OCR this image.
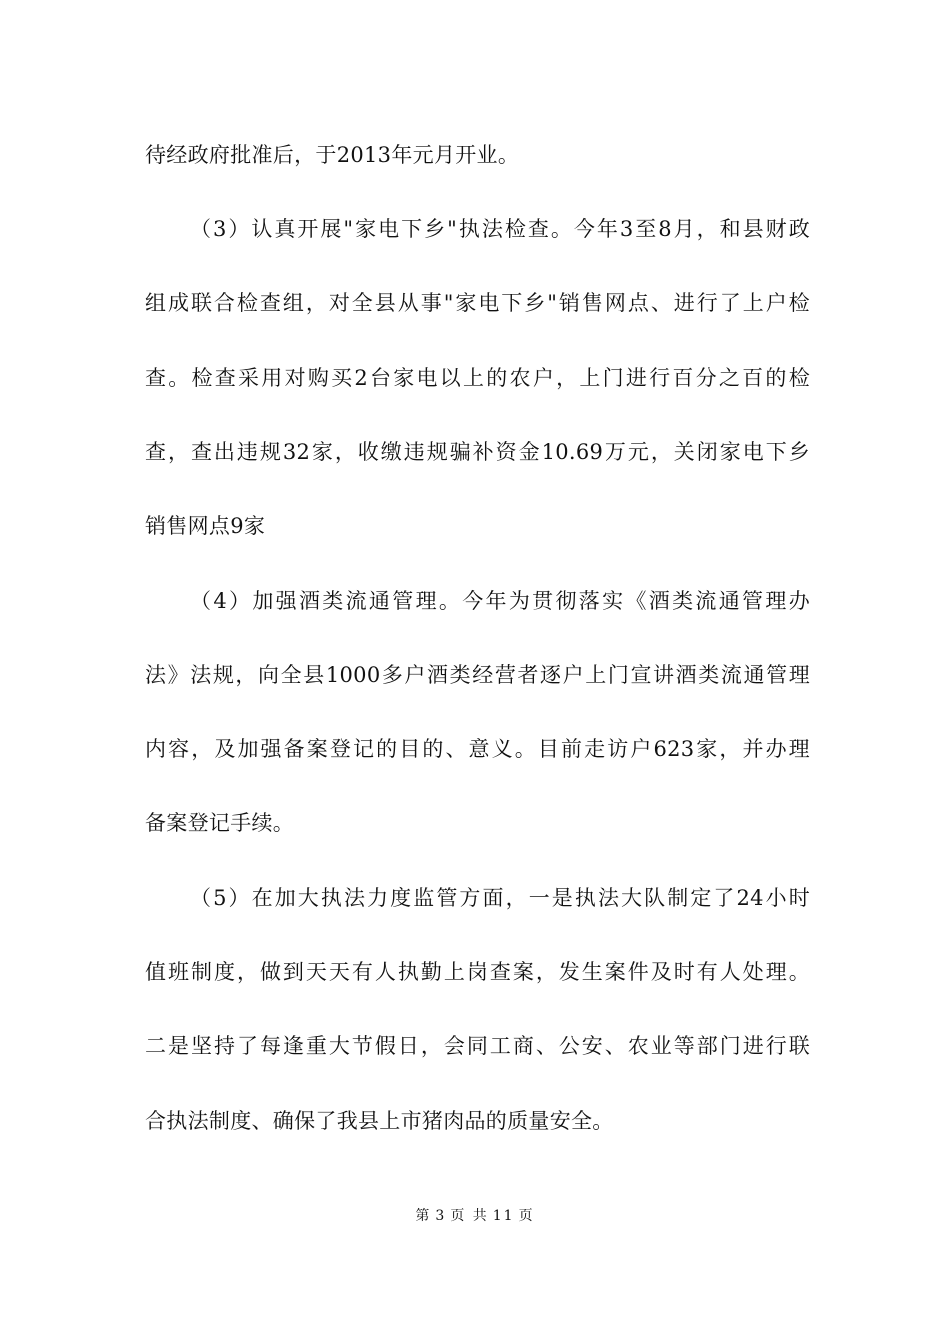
待经政府批准后，于2013年元月开业。
（3）认真开展"家电下乡"执法检查。今年3至8月，和县财政
组成联合检查组，对全县从事"家电下乡"销售网点、进行了上户检
查。检查采用对购买2台家电以上的农户，上门进行百分之百的检
查，查出违规32家，收缴违规骗补资金10.69万元，关闭家电下乡
销售网点9家
（4）加强酒类流通管理。今年为贯彻落实《酒类流通管理办
法》法规，向全县1000多户酒类经营者逐户上门宣讲酒类流通管理
内容，及加强备案登记的目的、意义。目前走访户623家，并办理
备案登记手续。
（5）在加大执法力度监管方面，一是执法大队制定了24小时
值班制度，做到天天有人执勤上岗查案，发生案件及时有人处理。
二是坚持了每逢重大节假日，会同工商、公安、农业等部门进行联
合执法制度、确保了我县上市猪肉品的质量安全。
第 3 页 共 11 页
